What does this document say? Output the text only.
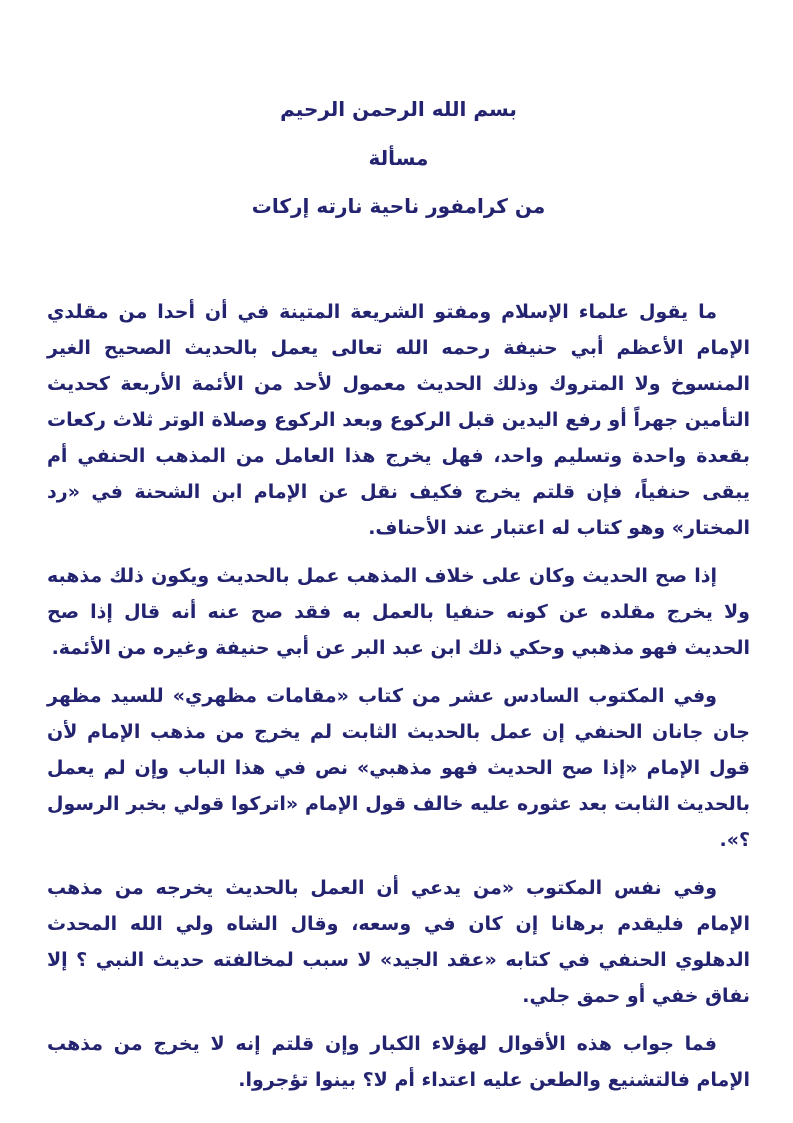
بسم الله الرحمن الرحيم
مسألة
من كرامفور ناحية نارته إركات

ما يقول علماء الإسلام ومفتو الشريعة المتينة في أن أحدا من مقلدي الإمام الأعظم أبي حنيفة رحمه الله تعالى يعمل بالحديث الصحيح الغير المنسوخ ولا المتروك وذلك الحديث معمول لأحد من الأئمة الأربعة كحديث التأمين جهراً أو رفع اليدين قبل الركوع وبعد الركوع وصلاة الوتر ثلاث ركعات بقعدة واحدة وتسليم واحد، فهل يخرج هذا العامل من المذهب الحنفي أم يبقى حنفياً، فإن قلتم يخرج فكيف نقل عن الإمام ابن الشحنة في «رد المختار» وهو كتاب له اعتبار عند الأحناف.

إذا صح الحديث وكان على خلاف المذهب عمل بالحديث ويكون ذلك مذهبه ولا يخرج مقلده عن كونه حنفيا بالعمل به فقد صح عنه أنه قال إذا صح الحديث فهو مذهبي وحكي ذلك ابن عبد البر عن أبي حنيفة وغيره من الأئمة.

وفي المكتوب السادس عشر من كتاب «مقامات مظهري» للسيد مظهر جان جانان الحنفي إن عمل بالحديث الثابت لم يخرج من مذهب الإمام لأن قول الإمام «إذا صح الحديث فهو مذهبي» نص في هذا الباب وإن لم يعمل بالحديث الثابت بعد عثوره عليه خالف قول الإمام «اتركوا قولي بخبر الرسول ؟».

وفي نفس المكتوب «من يدعي أن العمل بالحديث يخرجه من مذهب الإمام فليقدم برهانا إن كان في وسعه، وقال الشاه ولي الله المحدث الدهلوي الحنفي في كتابه «عقد الجيد» لا سبب لمخالفته حديث النبي ؟ إلا نفاق خفي أو حمق جلي.

فما جواب هذه الأقوال لهؤلاء الكبار وإن قلتم إنه لا يخرج من مذهب الإمام فالتشنيع والطعن عليه اعتداء أم لا؟ بينوا تؤجروا.
